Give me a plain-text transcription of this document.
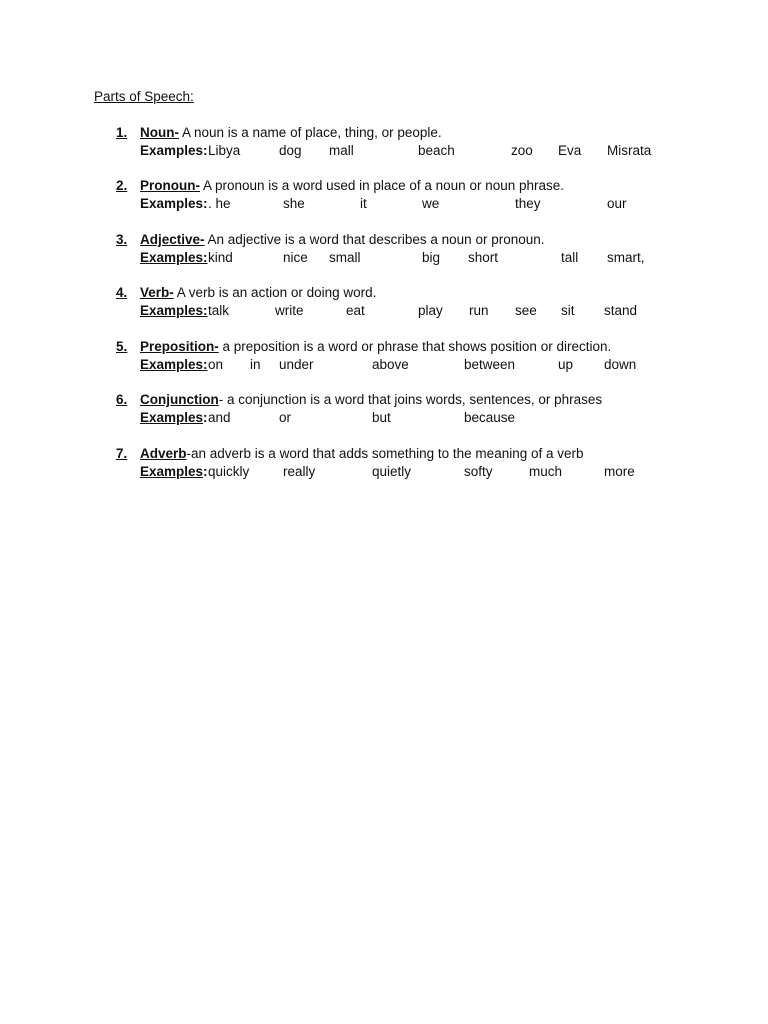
Parts of Speech:
1. Noun- A noun is a name of place, thing, or people.
Examples: Libya	dog mall	beach	zoo Eva Misrata
2. Pronoun- A pronoun is a word used in place of a noun or noun phrase.
Examples: . he	she	it	we	they	our
3. Adjective- An adjective is a word that describes a noun or pronoun.
Examples: kind	nice small	big short	tall smart,
4. Verb- A verb is an action or doing word.
Examples: talk	write	eat	play run see sit stand
5. Preposition- a preposition is a word or phrase that shows position or direction.
Examples: on in under	above	between	up down
6. Conjunction- a conjunction is a word that joins words, sentences, or phrases
Examples: and	or	but	because
7. Adverb-an adverb is a word that adds something to the meaning of a verb
Examples: quickly really	quietly	softy	much	more
